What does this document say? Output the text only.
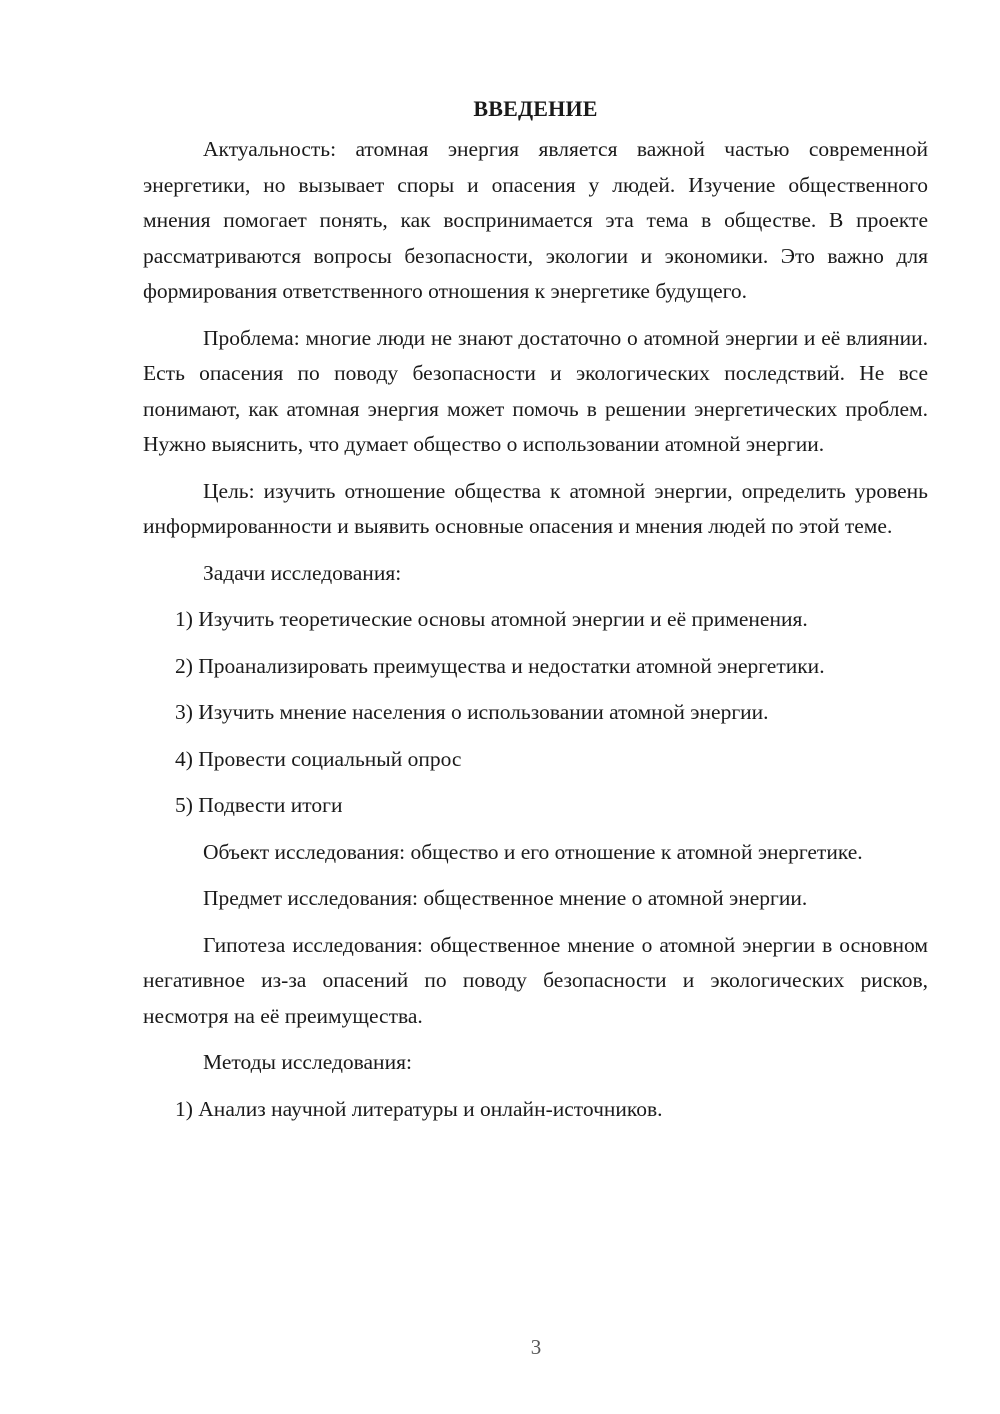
ВВЕДЕНИЕ

Актуальность: атомная энергия является важной частью современной энергетики, но вызывает споры и опасения у людей. Изучение общественного мнения помогает понять, как воспринимается эта тема в обществе. В проекте рассматриваются вопросы безопасности, экологии и экономики. Это важно для формирования ответственного отношения к энергетике будущего.

Проблема: многие люди не знают достаточно о атомной энергии и её влиянии. Есть опасения по поводу безопасности и экологических последствий. Не все понимают, как атомная энергия может помочь в решении энергетических проблем. Нужно выяснить, что думает общество о использовании атомной энергии.

Цель: изучить отношение общества к атомной энергии, определить уровень информированности и выявить основные опасения и мнения людей по этой теме.

Задачи исследования:

1) Изучить теоретические основы атомной энергии и её применения.

2) Проанализировать преимущества и недостатки атомной энергетики.

3) Изучить мнение населения о использовании атомной энергии.

4) Провести социальный опрос

5) Подвести итоги

Объект исследования: общество и его отношение к атомной энергетике.

Предмет исследования: общественное мнение о атомной энергии.

Гипотеза исследования: общественное мнение о атомной энергии в основном негативное из-за опасений по поводу безопасности и экологических рисков, несмотря на её преимущества.

Методы исследования:

1) Анализ научной литературы и онлайн-источников.

3
